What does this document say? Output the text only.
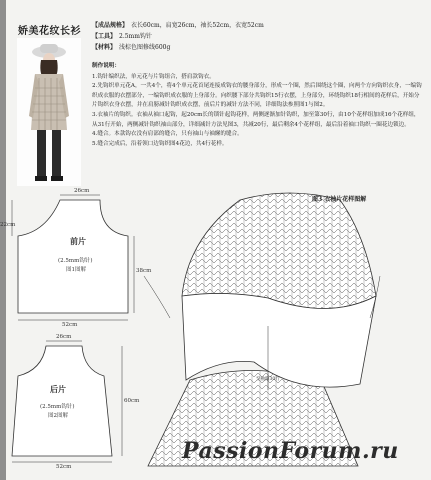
娇美花纹长衫
【成品规格】 衣长60cm，肩宽26cm，袖长52cm，衣宽52cm
【工具】 2.5mm钩针
【材料】 浅棕色图修线600g
制作说明：

1.钩针编织法，单元花与片钩组合，搭肩款钩衣。

2.先钩织单元花A，一共4个，将4个单元花首尾连接成钩衣的腰身部分，形成一个圈，然后围绕这个圈，向两个方向钩织衣身，一编钩织成衣服的衣摆部分，一编钩织成衣服的上身部分。向织腰下部分共钩织15行衣摆，上身部分，环绕钩织18行相间的花样后，开始分片钩织衣身衣摆，并在肩膀减针钩织成衣摆，前后片的减针方法不同，详细钩法参照图1与图2。

3.衣袖片的钩织。衣袖从袖口起钩，起20cm长的锁针起钩花样，两侧逐渐加针钩织，加至第30行，由10个花样组加成16个花样组，从31行开始，两侧减针钩织袖山部分，详细减针方法见图3，共减20行，最后剩余4个花样组，最后沿着袖口钩织一圈花边锁边。

4.缝合。本款钩衣没有肩部的缝合，只有袖山与袖窿的缝合。

5.缝合完成后，沿着领口边钩织图4花边，共4行花样。

26cm
22cm
38cm
前片
(2.5mm钩针)
图1图解
52cm
26cm
60cm
后片
(2.5mm钩针)
图2图解
52cm
图3 衣袖片花样图解
至袖窿30行
PassionForum.ru
